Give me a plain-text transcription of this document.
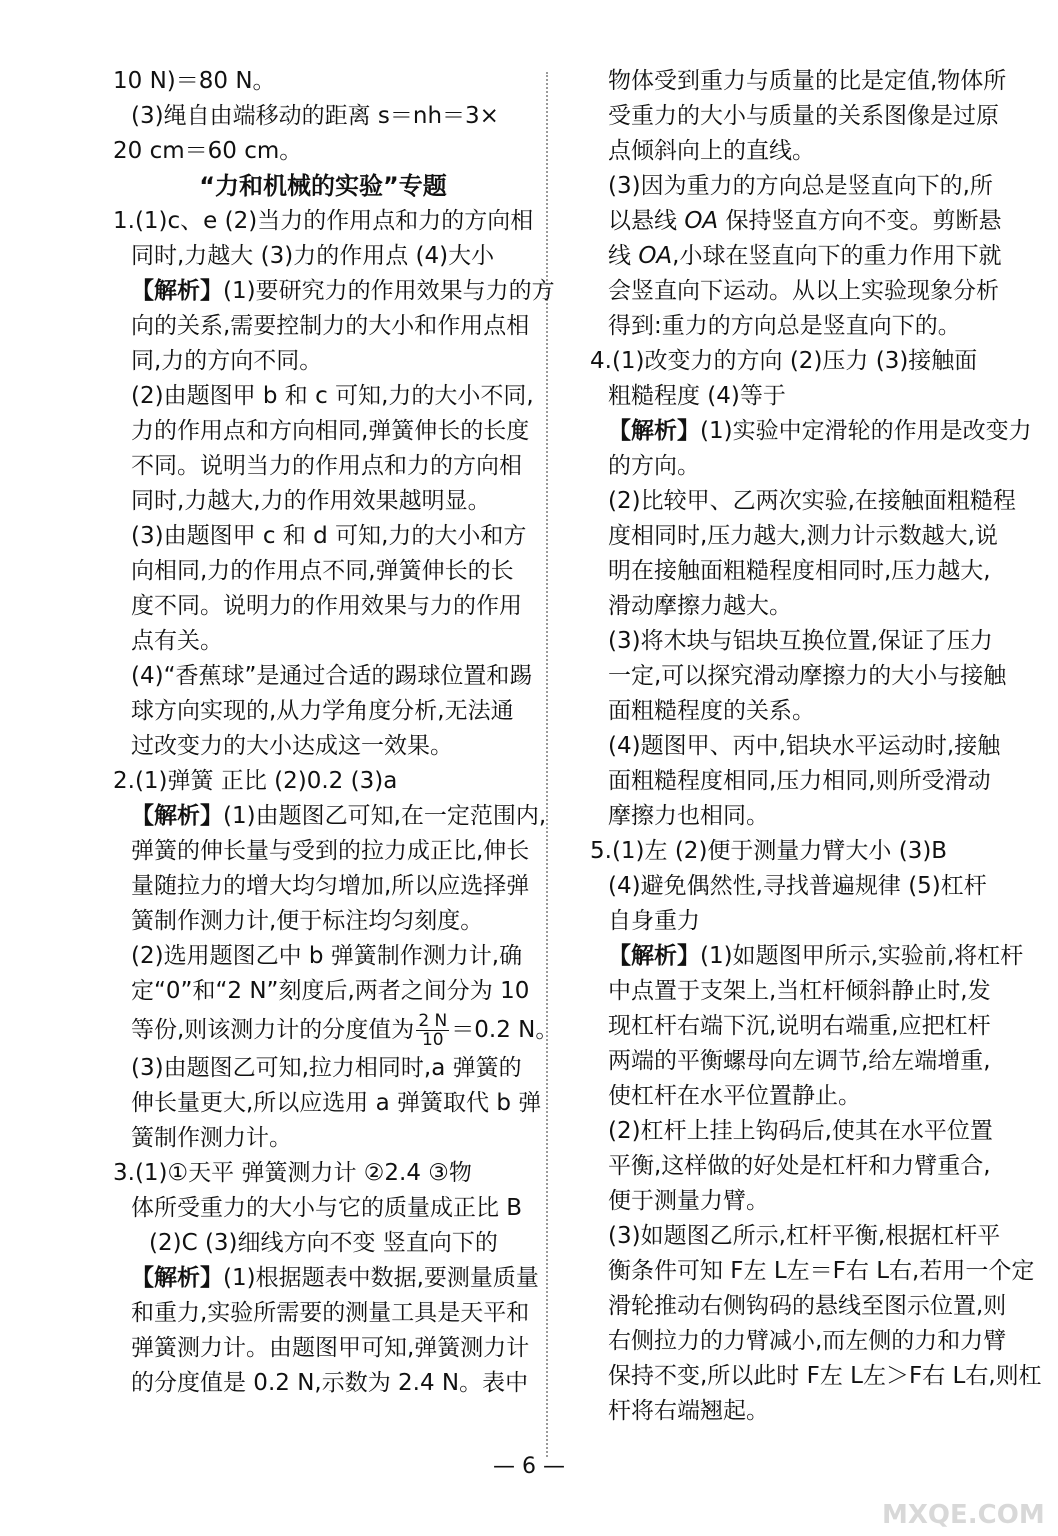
10 N)＝80 N。
(3)绳自由端移动的距离 s＝nh＝3×
20 cm＝60 cm。
“力和机械的实验”专题
1.(1)c、e (2)当力的作用点和力的方向相
同时,力越大 (3)力的作用点 (4)大小
【解析】(1)要研究力的作用效果与力的方
向的关系,需要控制力的大小和作用点相
同,力的方向不同。
(2)由题图甲 b 和 c 可知,力的大小不同,
力的作用点和方向相同,弹簧伸长的长度
不同。说明当力的作用点和力的方向相
同时,力越大,力的作用效果越明显。
(3)由题图甲 c 和 d 可知,力的大小和方
向相同,力的作用点不同,弹簧伸长的长
度不同。说明力的作用效果与力的作用
点有关。
(4)“香蕉球”是通过合适的踢球位置和踢
球方向实现的,从力学角度分析,无法通
过改变力的大小达成这一效果。
2.(1)弹簧 正比 (2)0.2 (3)a
【解析】(1)由题图乙可知,在一定范围内,
弹簧的伸长量与受到的拉力成正比,伸长
量随拉力的增大均匀增加,所以应选择弹
簧制作测力计,便于标注均匀刻度。
(2)选用题图乙中 b 弹簧制作测力计,确
定“0”和“2 N”刻度后,两者之间分为 10
等份,则该测力计的分度值为 $\frac{2 N}{10} =0.2$ N。
(3)由题图乙可知,拉力相同时,a 弹簧的
伸长量更大,所以应选用 a 弹簧取代 b 弹
簧制作测力计。
3.(1)①天平 弹簧测力计 ②2.4 ③物
体所受重力的大小与它的质量成正比 B
(2)C (3)细线方向不变 竖直向下的
【解析】(1)根据题表中数据,要测量质量
和重力,实验所需要的测量工具是天平和
弹簧测力计。由题图甲可知,弹簧测力计
的分度值是 0.2 N,示数为 2.4 N。表中
物体受到重力与质量的比是定值,物体所
受重力的大小与质量的关系图像是过原
点倾斜向上的直线。
(3)因为重力的方向总是竖直向下的,所
以悬线 OA 保持竖直方向不变。剪断悬
线 OA,小球在竖直向下的重力作用下就
会竖直向下运动。从以上实验现象分析
得到:重力的方向总是竖直向下的。
4.(1)改变力的方向 (2)压力 (3)接触面
粗糙程度 (4)等于
【解析】(1)实验中定滑轮的作用是改变力
的方向。
(2)比较甲、乙两次实验,在接触面粗糙程
度相同时,压力越大,测力计示数越大,说
明在接触面粗糙程度相同时,压力越大,
滑动摩擦力越大。
(3)将木块与铝块互换位置,保证了压力
一定,可以探究滑动摩擦力的大小与接触
面粗糙程度的关系。
(4)题图甲、丙中,铝块水平运动时,接触
面粗糙程度相同,压力相同,则所受滑动
摩擦力也相同。
5.(1)左 (2)便于测量力臂大小 (3)B
(4)避免偶然性,寻找普遍规律 (5)杠杆
自身重力
【解析】(1)如题图甲所示,实验前,将杠杆
中点置于支架上,当杠杆倾斜静止时,发
现杠杆右端下沉,说明右端重,应把杠杆
两端的平衡螺母向左调节,给左端增重,
使杠杆在水平位置静止。
(2)杠杆上挂上钩码后,使其在水平位置
平衡,这样做的好处是杠杆和力臂重合,
便于测量力臂。
(3)如题图乙所示,杠杆平衡,根据杠杆平
衡条件可知 F左 L左＝F右 L右,若用一个定
滑轮推动右侧钩码的悬线至图示位置,则
右侧拉力的力臂减小,而左侧的力和力臂
保持不变,所以此时 F左 L左＞F右 L右,则杠
杆将右端翘起。
— 6 —
MXQE.COM
